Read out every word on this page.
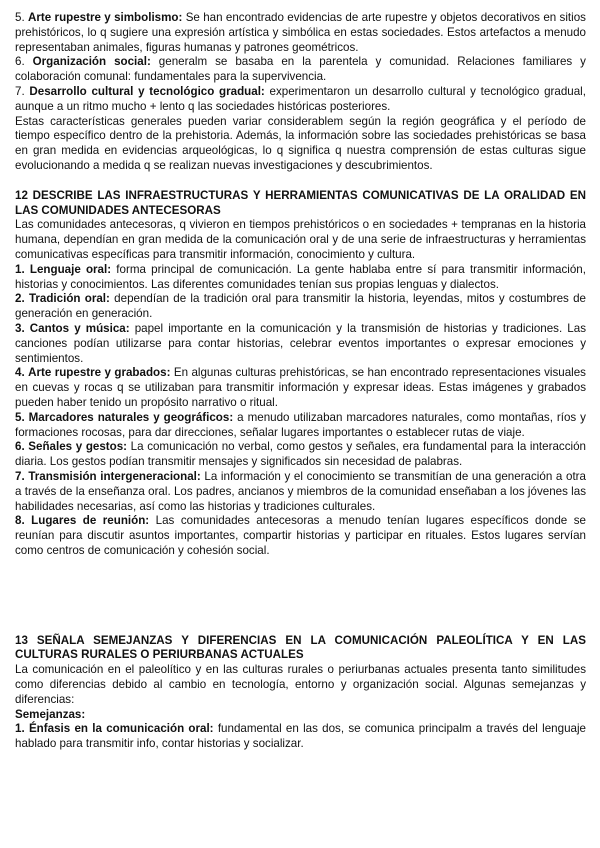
5. Arte rupestre y simbolismo: Se han encontrado evidencias de arte rupestre y objetos decorativos en sitios prehistóricos, lo q sugiere una expresión artística y simbólica en estas sociedades. Estos artefactos a menudo representaban animales, figuras humanas y patrones geométricos.

6. Organización social: generalm se basaba en la parentela y comunidad. Relaciones familiares y colaboración comunal: fundamentales para la supervivencia.

7. Desarrollo cultural y tecnológico gradual: experimentaron un desarrollo cultural y tecnológico gradual, aunque a un ritmo mucho + lento q las sociedades históricas posteriores.

Estas características generales pueden variar considerablem según la región geográfica y el período de tiempo específico dentro de la prehistoria. Además, la información sobre las sociedades prehistóricas se basa en gran medida en evidencias arqueológicas, lo q significa q nuestra comprensión de estas culturas sigue evolucionando a medida q se realizan nuevas investigaciones y descubrimientos.

12 DESCRIBE LAS INFRAESTRUCTURAS Y HERRAMIENTAS COMUNICATIVAS DE LA ORALIDAD EN LAS COMUNIDADES ANTECESORAS

Las comunidades antecesoras, q vivieron en tiempos prehistóricos o en sociedades + tempranas en la historia humana, dependían en gran medida de la comunicación oral y de una serie de infraestructuras y herramientas comunicativas específicas para transmitir información, conocimiento y cultura.

1. Lenguaje oral: forma principal de comunicación. La gente hablaba entre sí para transmitir información, historias y conocimientos. Las diferentes comunidades tenían sus propias lenguas y dialectos.

2. Tradición oral: dependían de la tradición oral para transmitir la historia, leyendas, mitos y costumbres de generación en generación.

3. Cantos y música: papel importante en la comunicación y la transmisión de historias y tradiciones. Las canciones podían utilizarse para contar historias, celebrar eventos importantes o expresar emociones y sentimientos.

4. Arte rupestre y grabados: En algunas culturas prehistóricas, se han encontrado representaciones visuales en cuevas y rocas q se utilizaban para transmitir información y expresar ideas. Estas imágenes y grabados pueden haber tenido un propósito narrativo o ritual.

5. Marcadores naturales y geográficos: a menudo utilizaban marcadores naturales, como montañas, ríos y formaciones rocosas, para dar direcciones, señalar lugares importantes o establecer rutas de viaje.

6. Señales y gestos: La comunicación no verbal, como gestos y señales, era fundamental para la interacción diaria. Los gestos podían transmitir mensajes y significados sin necesidad de palabras.

7. Transmisión intergeneracional: La información y el conocimiento se transmitían de una generación a otra a través de la enseñanza oral. Los padres, ancianos y miembros de la comunidad enseñaban a los jóvenes las habilidades necesarias, así como las historias y tradiciones culturales.

8. Lugares de reunión: Las comunidades antecesoras a menudo tenían lugares específicos donde se reunían para discutir asuntos importantes, compartir historias y participar en rituales. Estos lugares servían como centros de comunicación y cohesión social.

13 SEÑALA SEMEJANZAS Y DIFERENCIAS EN LA COMUNICACIÓN PALEOLÍTICA Y EN LAS CULTURAS RURALES O PERIURBANAS ACTUALES

La comunicación en el paleolítico y en las culturas rurales o periurbanas actuales presenta tanto similitudes como diferencias debido al cambio en tecnología, entorno y organización social. Algunas semejanzas y diferencias:

Semejanzas:

1. Énfasis en la comunicación oral: fundamental en las dos, se comunica principalm a través del lenguaje hablado para transmitir info, contar historias y socializar.
